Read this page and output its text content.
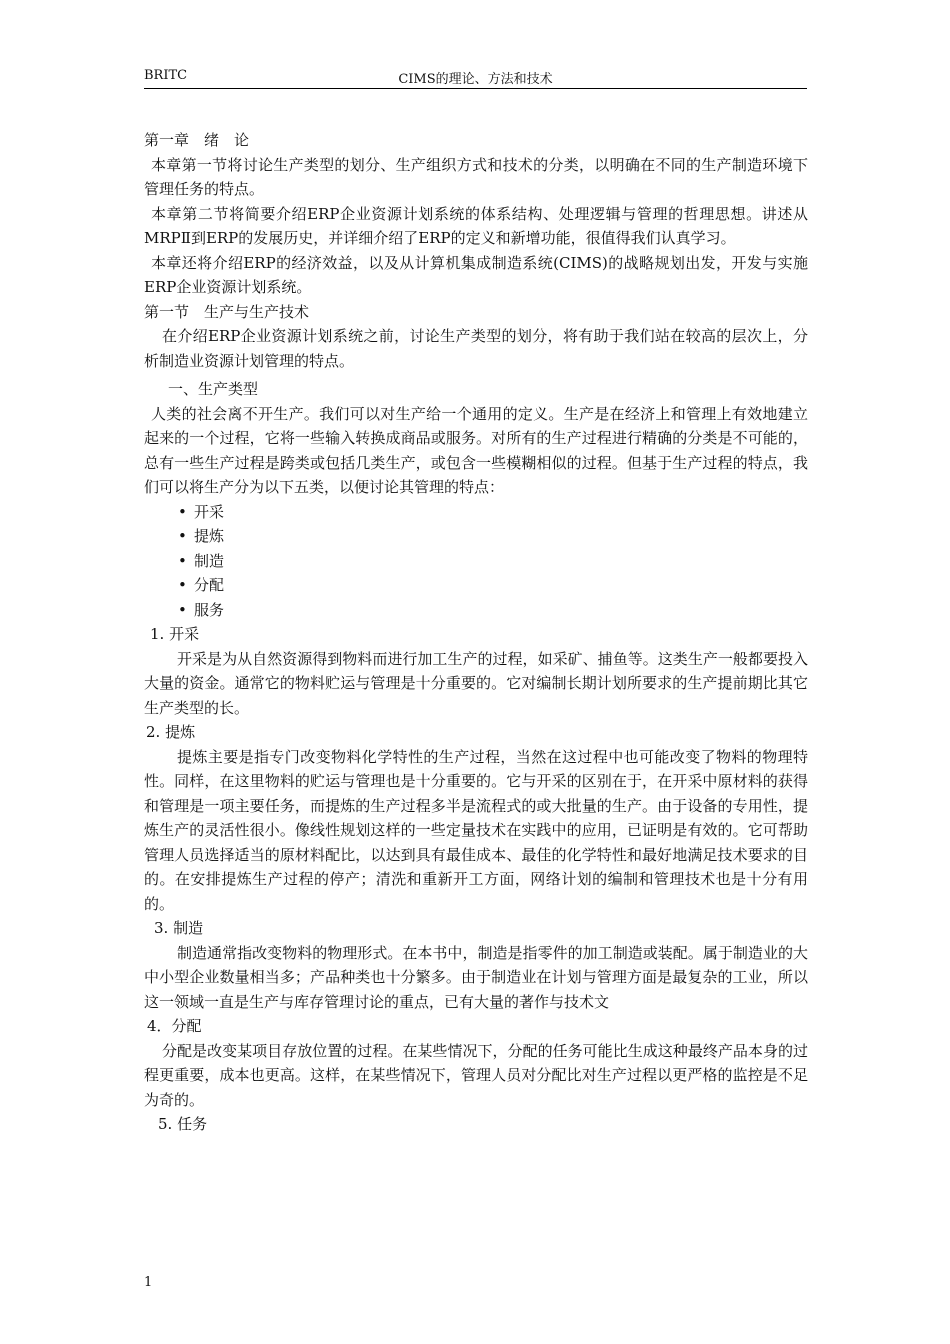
BRITC	CIMS的理论、方法和技术

第一章　绪　论

本章第一节将讨论生产类型的划分、生产组织方式和技术的分类，以明确在不同的生产制造环境下管理任务的特点。

本章第二节将简要介绍ERP企业资源计划系统的体系结构、处理逻辑与管理的哲理思想。讲述从MRPⅡ到ERP的发展历史，并详细介绍了ERP的定义和新增功能，很值得我们认真学习。

本章还将介绍ERP的经济效益，以及从计算机集成制造系统(CIMS)的战略规划出发，开发与实施ERP企业资源计划系统。

第一节　生产与生产技术

在介绍ERP企业资源计划系统之前，讨论生产类型的划分，将有助于我们站在较高的层次上，分析制造业资源计划管理的特点。

一、生产类型

人类的社会离不开生产。我们可以对生产给一个通用的定义。生产是在经济上和管理上有效地建立起来的一个过程，它将一些输入转换成商品或服务。对所有的生产过程进行精确的分类是不可能的，总有一些生产过程是跨类或包括几类生产，或包含一些模糊相似的过程。但基于生产过程的特点，我们可以将生产分为以下五类，以便讨论其管理的特点：

• 开采
• 提炼
• 制造
• 分配
• 服务

1. 开采

开采是为从自然资源得到物料而进行加工生产的过程，如采矿、捕鱼等。这类生产一般都要投入大量的资金。通常它的物料贮运与管理是十分重要的。它对编制长期计划所要求的生产提前期比其它生产类型的长。

2. 提炼

提炼主要是指专门改变物料化学特性的生产过程，当然在这过程中也可能改变了物料的物理特性。同样，在这里物料的贮运与管理也是十分重要的。它与开采的区别在于，在开采中原材料的获得和管理是一项主要任务，而提炼的生产过程多半是流程式的或大批量的生产。由于设备的专用性，提炼生产的灵活性很小。像线性规划这样的一些定量技术在实践中的应用，已证明是有效的。它可帮助管理人员选择适当的原材料配比，以达到具有最佳成本、最佳的化学特性和最好地满足技术要求的目的。在安排提炼生产过程的停产；清洗和重新开工方面，网络计划的编制和管理技术也是十分有用的。

3. 制造

制造通常指改变物料的物理形式。在本书中，制造是指零件的加工制造或装配。属于制造业的大中小型企业数量相当多；产品种类也十分繁多。由于制造业在计划与管理方面是最复杂的工业，所以这一领域一直是生产与库存管理讨论的重点，已有大量的著作与技术文

4．分配

分配是改变某项目存放位置的过程。在某些情况下，分配的任务可能比生成这种最终产品本身的过程更重要，成本也更高。这样，在某些情况下，管理人员对分配比对生产过程以更严格的监控是不足为奇的。

5. 任务

1
